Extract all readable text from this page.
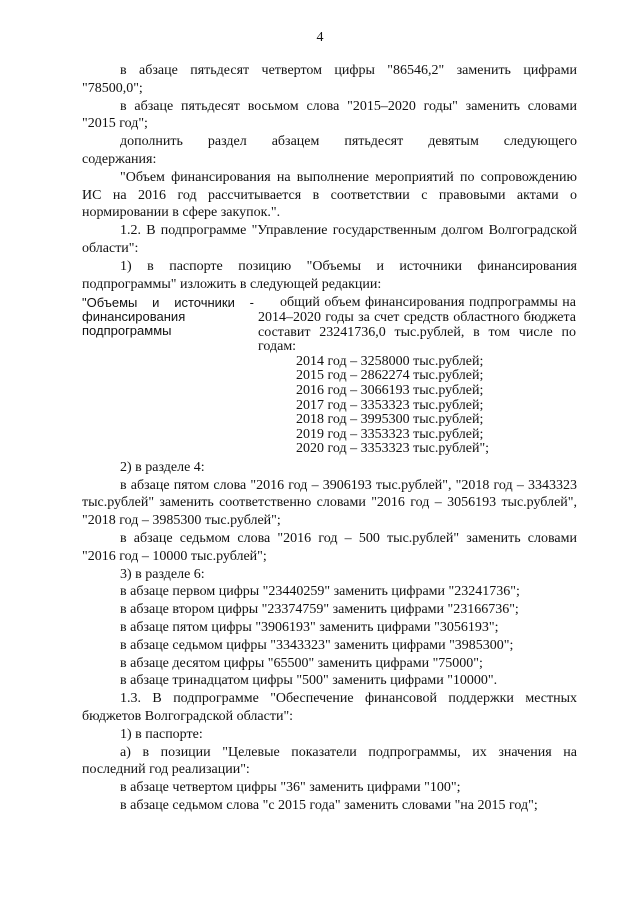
4
в абзаце пятьдесят четвертом цифры "86546,2" заменить цифрами "78500,0";
в абзаце пятьдесят восьмом слова "2015–2020 годы" заменить словами "2015 год";
дополнить раздел абзацем пятьдесят девятым следующего
содержания:
"Объем финансирования на выполнение мероприятий по сопровождению ИС на 2016 год рассчитывается в соответствии с правовыми актами о нормировании в сфере закупок.".
1.2. В подпрограмме "Управление государственным долгом Волгоградской области":
1) в паспорте позицию "Объемы и источники финансирования подпрограммы" изложить в следующей редакции:
"Объемы и источники - финансирования подпрограммы
общий объем финансирования подпрограммы на 2014–2020 годы за счет средств областного бюджета составит 23241736,0 тыс.рублей, в том числе по годам:
2014 год – 3258000 тыс.рублей;
2015 год – 2862274 тыс.рублей;
2016 год – 3066193 тыс.рублей;
2017 год – 3353323 тыс.рублей;
2018 год – 3995300 тыс.рублей;
2019 год – 3353323 тыс.рублей;
2020 год – 3353323 тыс.рублей";
2) в разделе 4:
в абзаце пятом слова "2016 год – 3906193 тыс.рублей", "2018 год – 3343323 тыс.рублей" заменить соответственно словами "2016 год – 3056193 тыс.рублей", "2018 год – 3985300 тыс.рублей";
в абзаце седьмом слова "2016 год – 500 тыс.рублей" заменить словами "2016 год – 10000 тыс.рублей";
3) в разделе 6:
в абзаце первом цифры "23440259" заменить цифрами "23241736";
в абзаце втором цифры "23374759" заменить цифрами "23166736";
в абзаце пятом цифры "3906193" заменить цифрами "3056193";
в абзаце седьмом цифры "3343323" заменить цифрами "3985300";
в абзаце десятом цифры "65500" заменить цифрами "75000";
в абзаце тринадцатом цифры "500" заменить цифрами "10000".
1.3. В подпрограмме "Обеспечение финансовой поддержки местных бюджетов Волгоградской области":
1) в паспорте:
а) в позиции "Целевые показатели подпрограммы, их значения на последний год реализации":
в абзаце четвертом цифры "36" заменить цифрами "100";
в абзаце седьмом слова "с 2015 года" заменить словами "на 2015 год";
